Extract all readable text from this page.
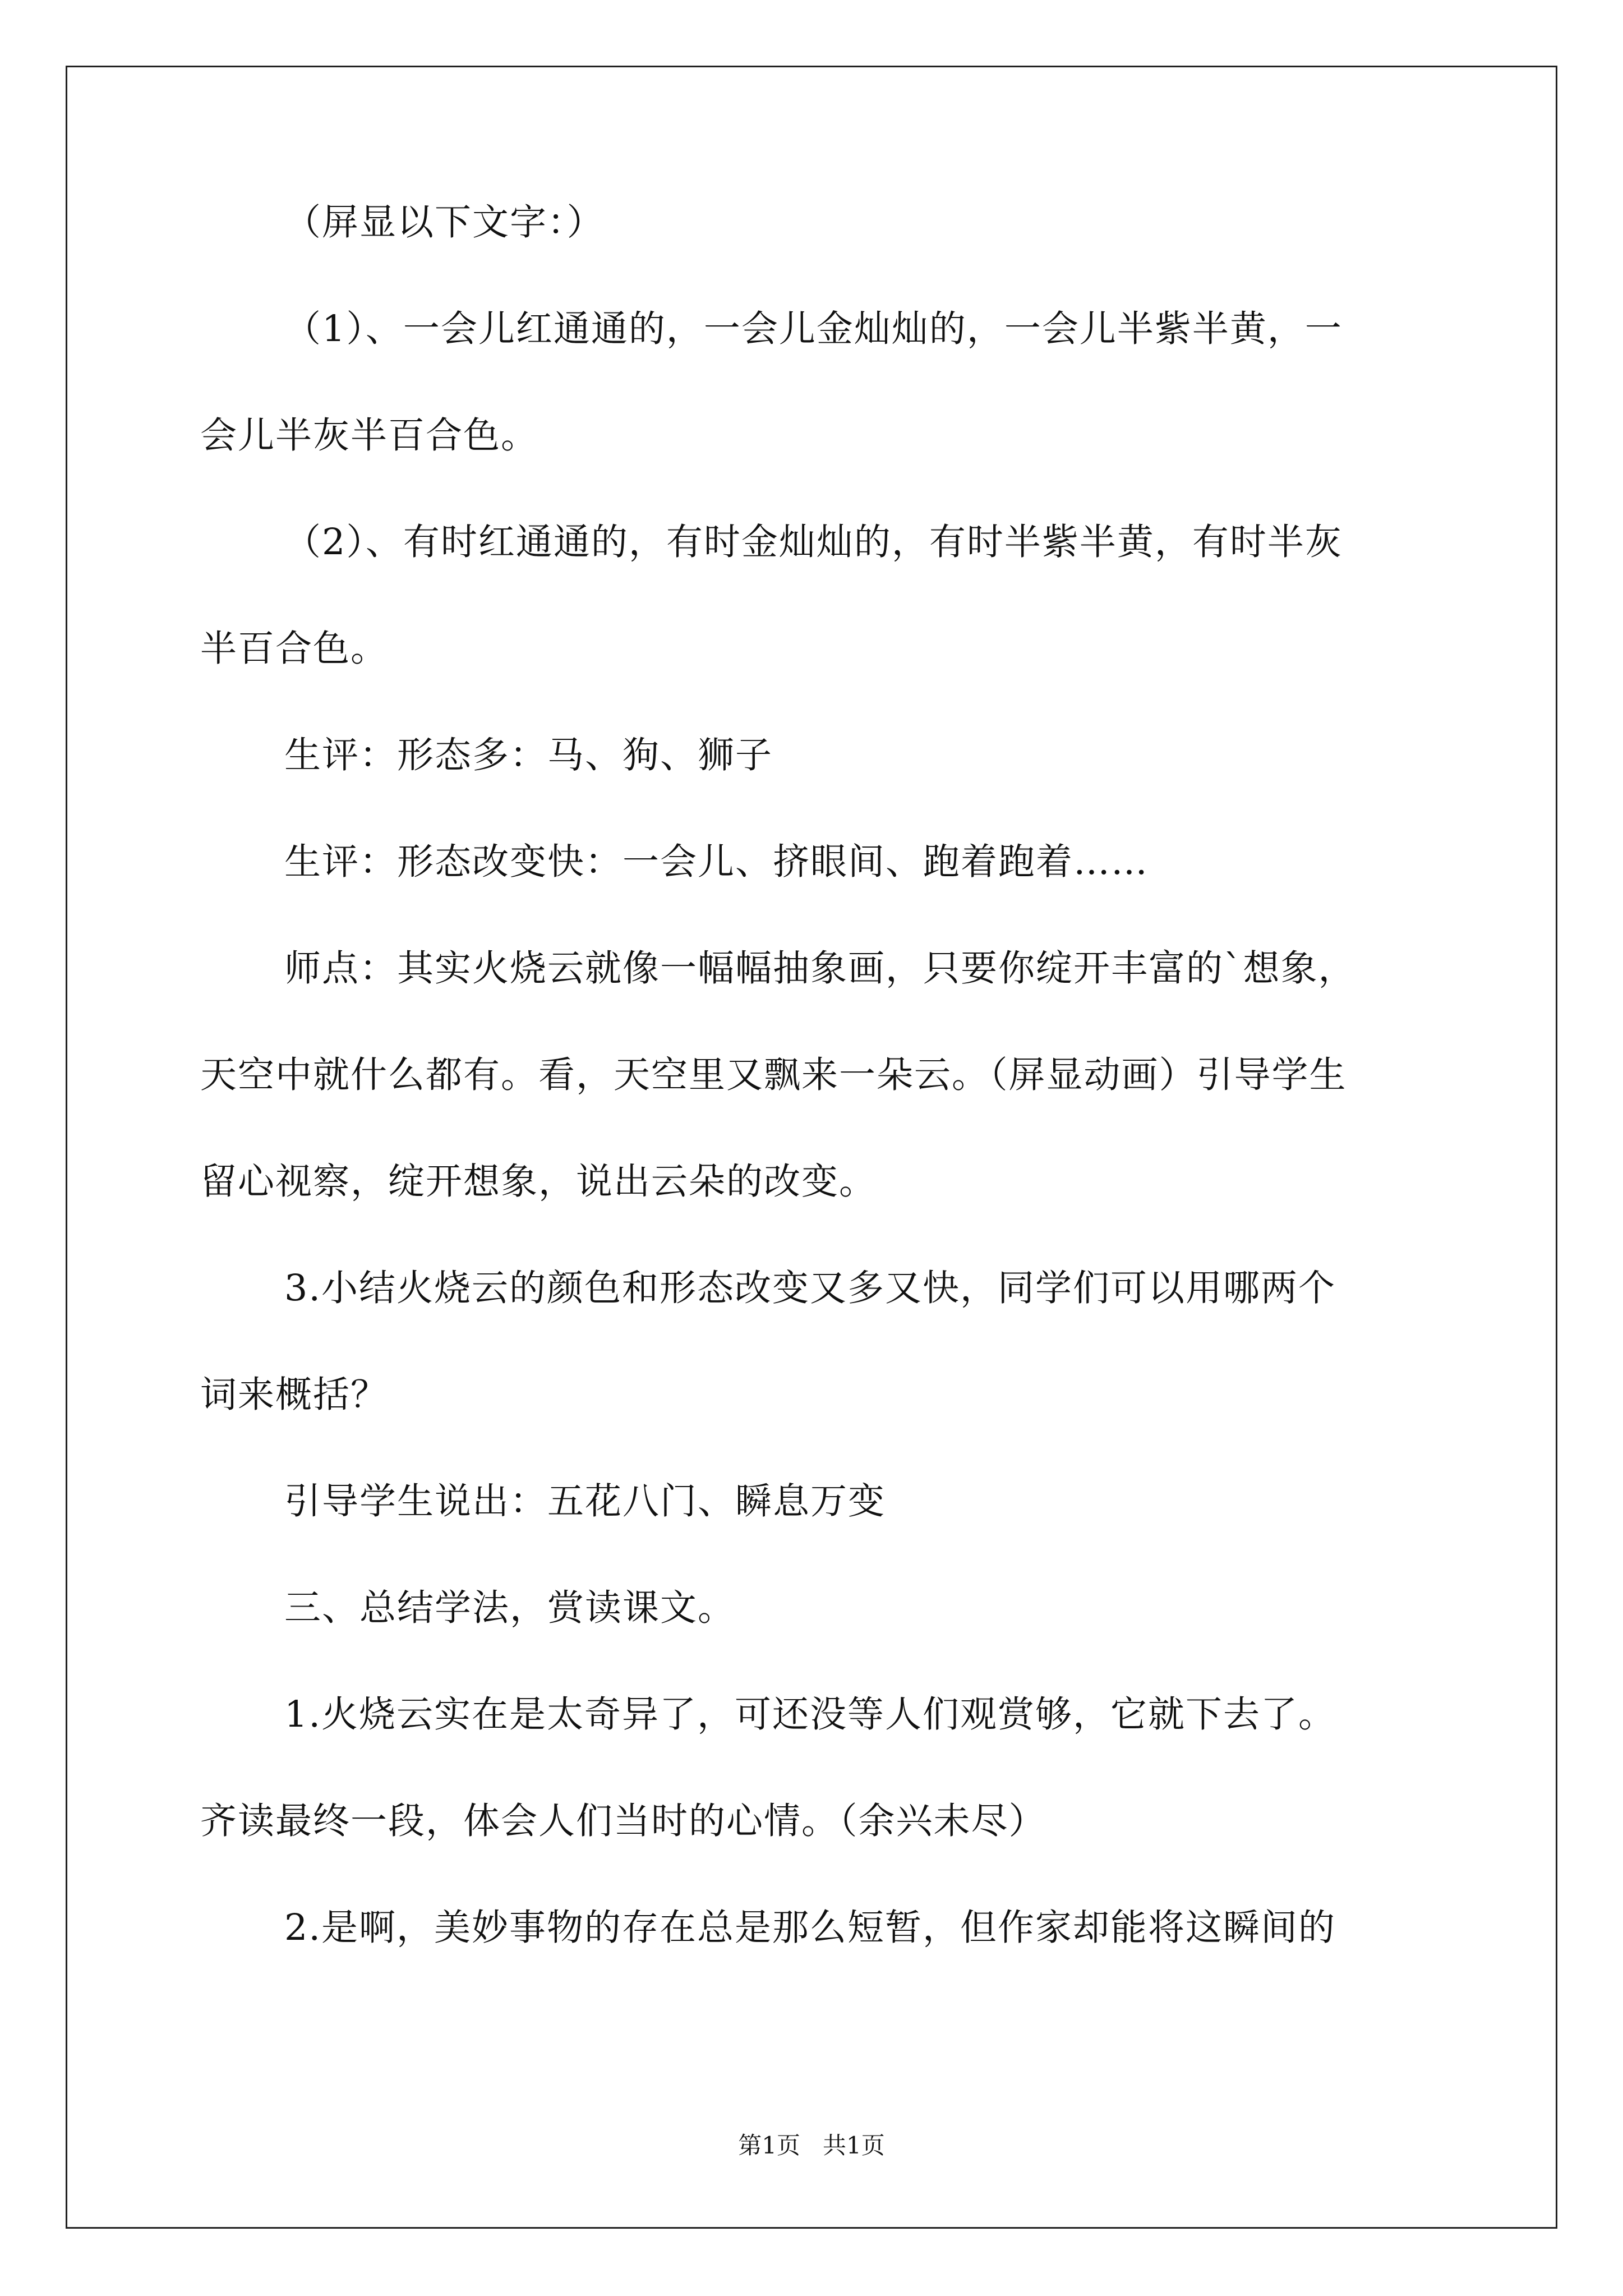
（屏显以下文字：）
（1）、一会儿红通通的，一会儿金灿灿的，一会儿半紫半黄，一
会儿半灰半百合色。
（2）、有时红通通的，有时金灿灿的，有时半紫半黄，有时半灰
半百合色。
生评：形态多：马、狗、狮子
生评：形态改变快：一会儿、挤眼间、跑着跑着……
师点：其实火烧云就像一幅幅抽象画，只要你绽开丰富的`想象，
天空中就什么都有。看，天空里又飘来一朵云。（屏显动画）引导学生
留心视察，绽开想象，说出云朵的改变。
3.小结火烧云的颜色和形态改变又多又快，同学们可以用哪两个
词来概括？
引导学生说出：五花八门、瞬息万变
三、总结学法，赏读课文。
1.火烧云实在是太奇异了，可还没等人们观赏够，它就下去了。
齐读最终一段，体会人们当时的心情。（余兴未尽）
2.是啊，美妙事物的存在总是那么短暂，但作家却能将这瞬间的
第1页   共1页
